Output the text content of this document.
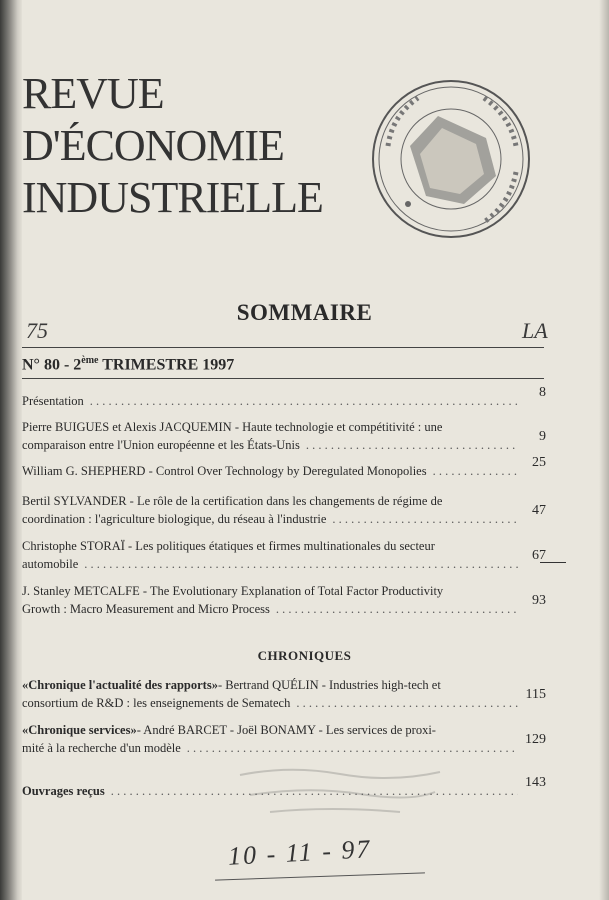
REVUE
D'ÉCONOMIE
INDUSTRIELLE
SOMMAIRE
75	LA
N° 80 - 2ème TRIMESTRE 1997
Présentation
. . .
8
Pierre BUIGUES et Alexis JACQUEMIN - Haute technologie et compétitivité : une
comparaison entre l'Union européenne et les États-Unis
. . .
9
William G. SHEPHERD - Control Over Technology by Deregulated Monopolies
. . .
25
Bertil SYLVANDER - Le rôle de la certification dans les changements de régime de
coordination : l'agriculture biologique, du réseau à l'industrie
. . .
47
Christophe STORAÏ - Les politiques étatiques et firmes multinationales du secteur
automobile
. . .
67
J. Stanley METCALFE - The Evolutionary Explanation of Total Factor Productivity
Growth : Macro Measurement and Micro Process
. . .
93
CHRONIQUES
«Chronique l'actualité des rapports» - Bertrand QUÉLIN - Industries high-tech et
consortium de R&D : les enseignements de Sematech
. . .
115
«Chronique services» - André BARCET - Joël BONAMY - Les services de proxi-
mité à la recherche d'un modèle
. . .
129
Ouvrages reçus
. . .
143
10 - 11 - 97
